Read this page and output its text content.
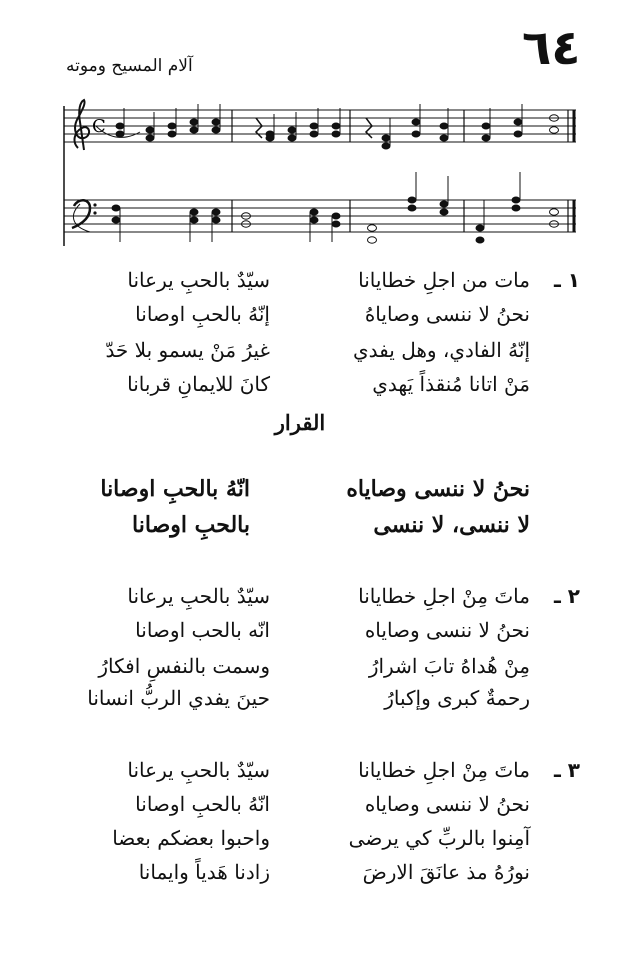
٦٤
آلام المسيح وموته
C
١ ـ
مات من اجلِ خطايانا
سيّدٌ بالحبِ يرعانا
نحنُ لا ننسى وصاياهُ
إنّهُ بالحبِ اوصانا
إنّهُ الفادي، وهل يفدي
غيرُ مَنْ يسمو بلا حَدّ
مَنْ اتانا مُنقذاً يَهدي
كانَ للايمانِ قربانا
القرار
نحنُ لا ننسى وصاياه
انّهُ بالحبِ اوصانا
لا ننسى، لا ننسى
بالحبِ اوصانا
٢ ـ
ماتَ مِنْ اجلِ خطايانا
سيّدٌ بالحبِ يرعانا
نحنُ لا ننسى وصاياه
انّه بالحب اوصانا
مِنْ هُداهُ تابَ اشرارُ
وسمت بالنفسِ افكارُ
رحمةٌ كبرى وإكبارُ
حينَ يفدي الربُّ انسانا
٣ ـ
ماتَ مِنْ اجلِ خطايانا
سيّدٌ بالحبِ يرعانا
نحنُ لا ننسى وصاياه
انّهُ بالحبِ اوصانا
آمِنوا بالربِّ كي يرضى
واحبوا بعضكم بعضا
نورُهُ مذ عانَقَ الارضَ
زادنا هَدياً وايمانا
